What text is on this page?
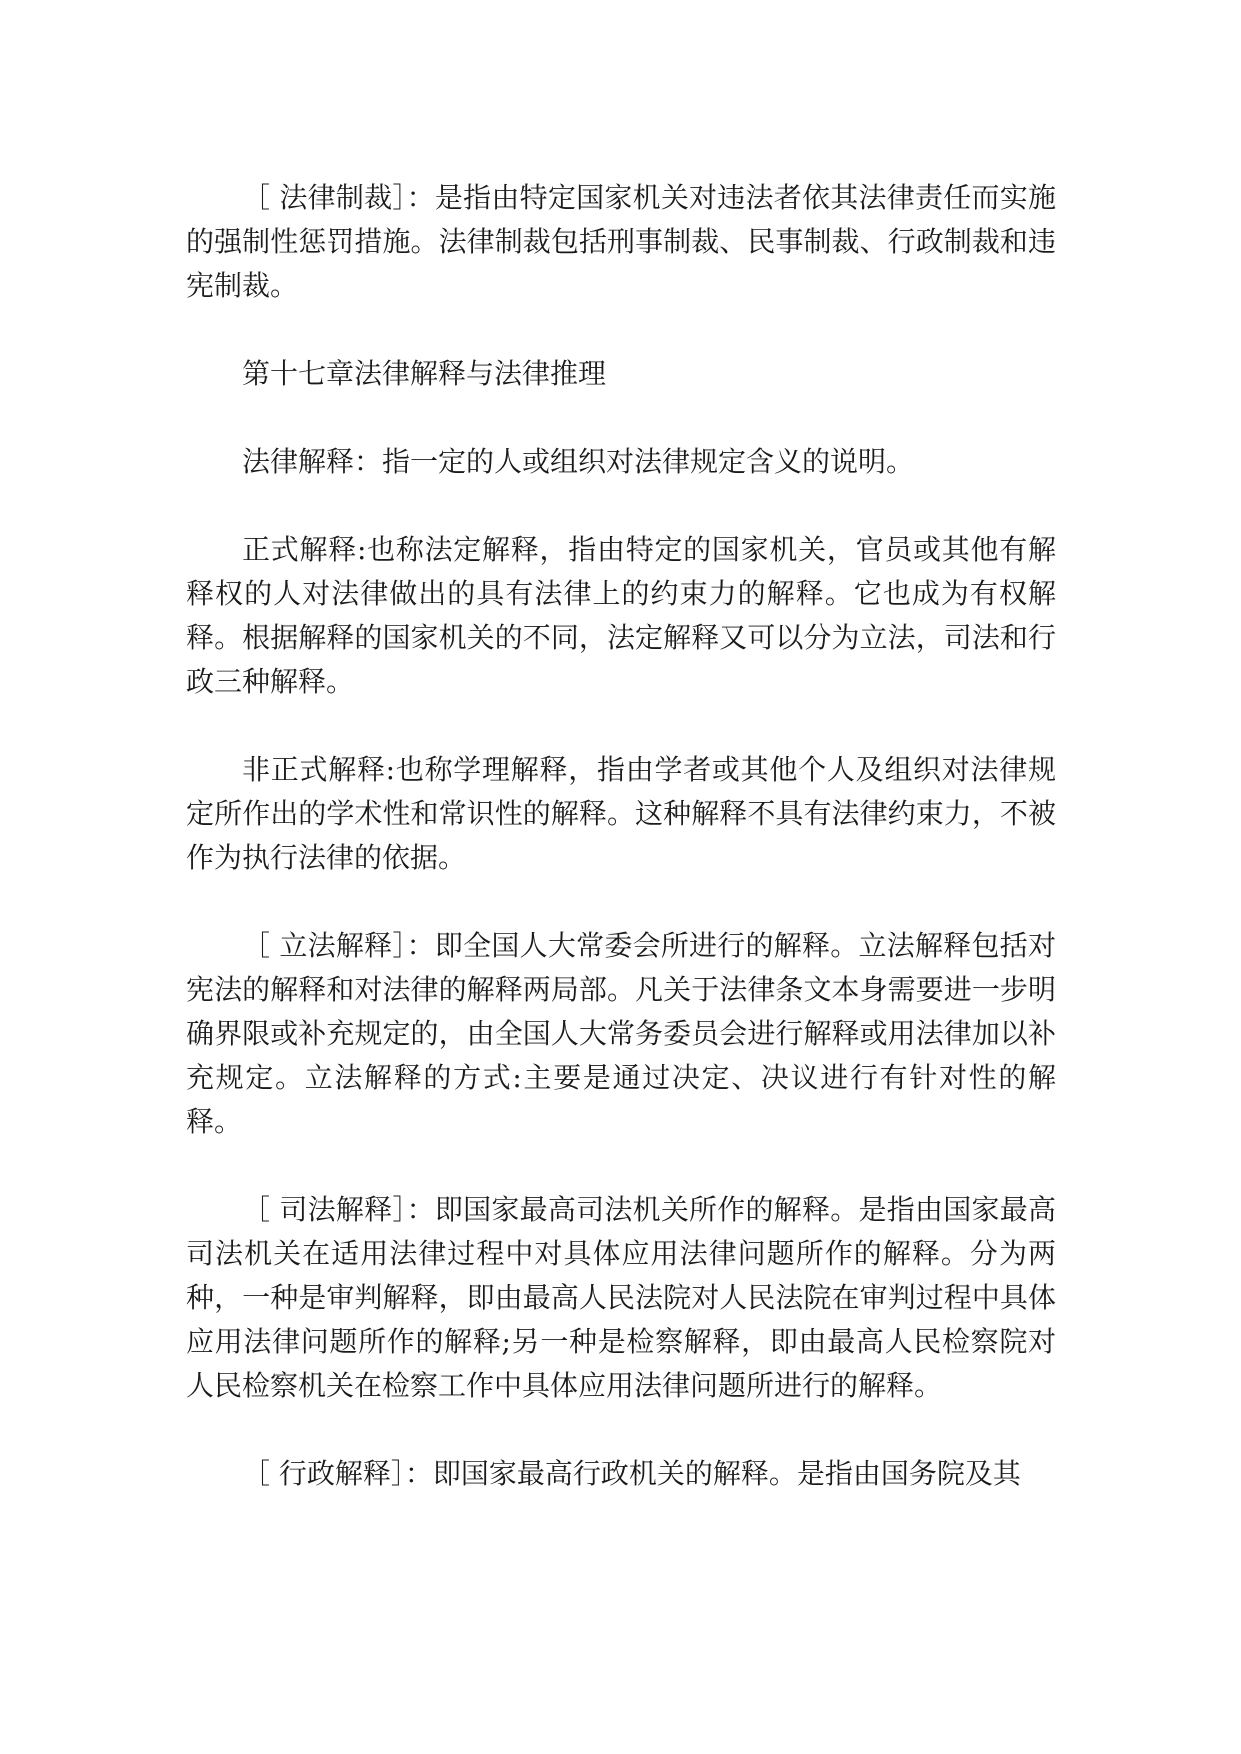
［ 法律制裁］：是指由特定国家机关对违法者依其法律责任而实施的强制性惩罚措施。法律制裁包括刑事制裁、民事制裁、行政制裁和违宪制裁。

第十七章法律解释与法律推理

法律解释：指一定的人或组织对法律规定含义的说明。

正式解释:也称法定解释，指由特定的国家机关，官员或其他有解释权的人对法律做出的具有法律上的约束力的解释。它也成为有权解释。根据解释的国家机关的不同，法定解释又可以分为立法，司法和行政三种解释。

非正式解释:也称学理解释，指由学者或其他个人及组织对法律规定所作出的学术性和常识性的解释。这种解释不具有法律约束力，不被作为执行法律的依据。

［ 立法解释］：即全国人大常委会所进行的解释。立法解释包括对宪法的解释和对法律的解释两局部。凡关于法律条文本身需要进一步明确界限或补充规定的，由全国人大常务委员会进行解释或用法律加以补充规定。立法解释的方式:主要是通过决定、决议进行有针对性的解释。

［ 司法解释］：即国家最高司法机关所作的解释。是指由国家最高司法机关在适用法律过程中对具体应用法律问题所作的解释。分为两种，一种是审判解释，即由最高人民法院对人民法院在审判过程中具体应用法律问题所作的解释;另一种是检察解释，即由最高人民检察院对人民检察机关在检察工作中具体应用法律问题所进行的解释。

［ 行政解释］：即国家最高行政机关的解释。是指由国务院及其
